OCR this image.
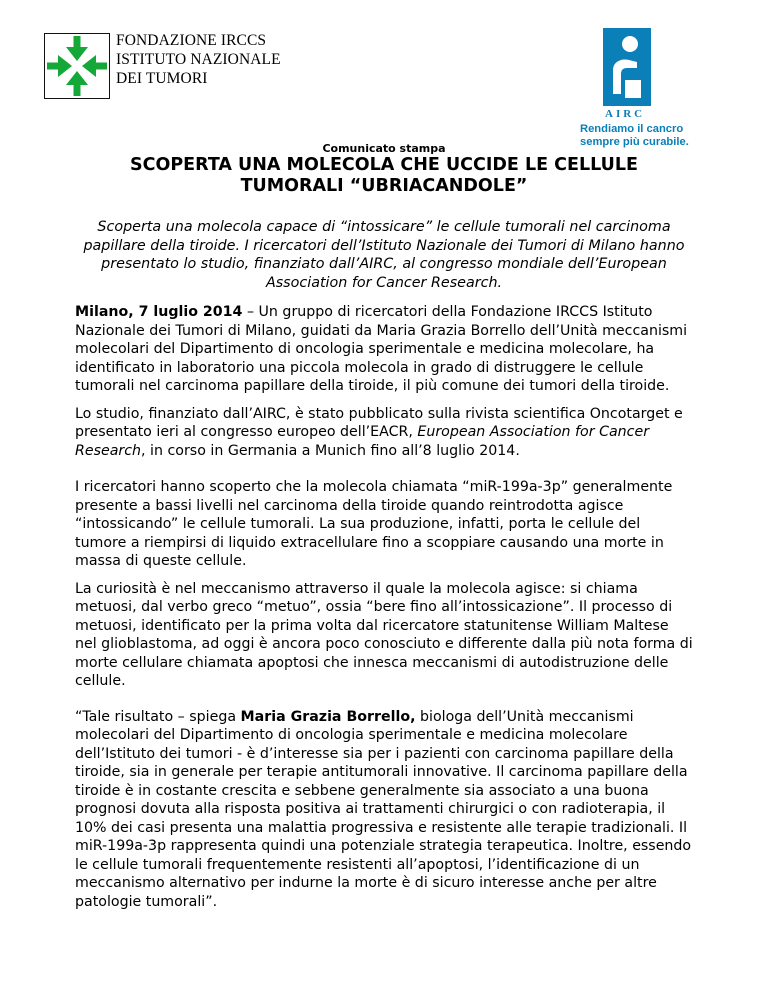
FONDAZIONE IRCCS
ISTITUTO NAZIONALE
DEI TUMORI
AIRC
Rendiamo il cancro
sempre più curabile.
Comunicato stampa
SCOPERTA UNA MOLECOLA CHE UCCIDE LE CELLULE
TUMORALI “UBRIACANDOLE”
Scoperta una molecola capace di “intossicare” le cellule tumorali nel carcinoma papillare della tiroide. I ricercatori dell’Istituto Nazionale dei Tumori di Milano hanno presentato lo studio, finanziato dall’AIRC, al congresso mondiale dell’European Association for Cancer Research.

Milano, 7 luglio 2014 – Un gruppo di ricercatori della Fondazione IRCCS Istituto Nazionale dei Tumori di Milano, guidati da Maria Grazia Borrello dell’Unità meccanismi molecolari del Dipartimento di oncologia sperimentale e medicina molecolare, ha identificato in laboratorio una piccola molecola in grado di distruggere le cellule tumorali nel carcinoma papillare della tiroide, il più comune dei tumori della tiroide.

Lo studio, finanziato dall’AIRC, è stato pubblicato sulla rivista scientifica Oncotarget e presentato ieri al congresso europeo dell’EACR, European Association for Cancer Research, in corso in Germania a Munich fino all’8 luglio 2014.

I ricercatori hanno scoperto che la molecola chiamata “miR-199a-3p” generalmente presente a bassi livelli nel carcinoma della tiroide quando reintrodotta agisce “intossicando” le cellule tumorali. La sua produzione, infatti, porta le cellule del tumore a riempirsi di liquido extracellulare fino a scoppiare causando una morte in massa di queste cellule.

La curiosità è nel meccanismo attraverso il quale la molecola agisce: si chiama metuosi, dal verbo greco “metuo”, ossia “bere fino all’intossicazione”. Il processo di metuosi, identificato per la prima volta dal ricercatore statunitense William Maltese nel glioblastoma, ad oggi è ancora poco conosciuto e differente dalla più nota forma di morte cellulare chiamata apoptosi che innesca meccanismi di autodistruzione delle cellule.

“Tale risultato – spiega Maria Grazia Borrello, biologa dell’Unità meccanismi molecolari del Dipartimento di oncologia sperimentale e medicina molecolare dell’Istituto dei tumori - è d’interesse sia per i pazienti con carcinoma papillare della tiroide, sia in generale per terapie antitumorali innovative. Il carcinoma papillare della tiroide è in costante crescita e sebbene generalmente sia associato a una buona prognosi dovuta alla risposta positiva ai trattamenti chirurgici o con radioterapia, il 10% dei casi presenta una malattia progressiva e resistente alle terapie tradizionali. Il miR-199a-3p rappresenta quindi una potenziale strategia terapeutica. Inoltre, essendo le cellule tumorali frequentemente resistenti all’apoptosi, l’identificazione di un meccanismo alternativo per indurne la morte è di sicuro interesse anche per altre patologie tumorali”.
